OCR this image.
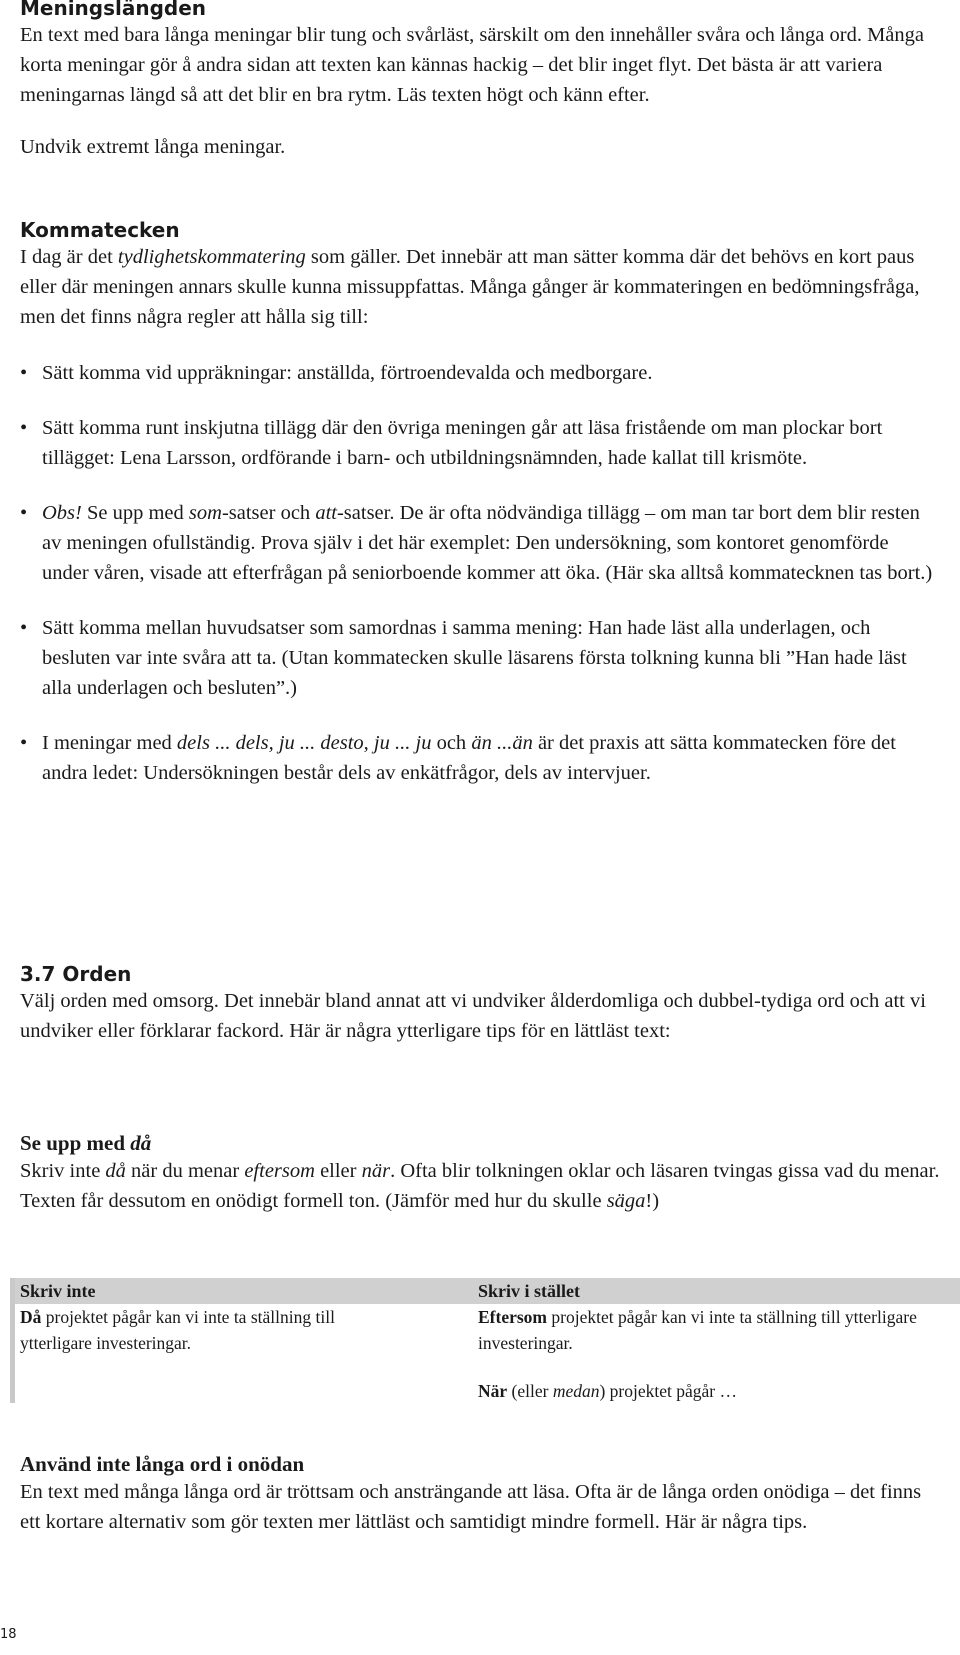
Meningslängden

En text med bara långa meningar blir tung och svårläst, särskilt om den innehåller svåra och långa ord. Många korta meningar gör å andra sidan att texten kan kännas hackig – det blir inget flyt. Det bästa är att variera meningarnas längd så att det blir en bra rytm. Läs texten högt och känn efter.

Undvik extremt långa meningar.

Kommatecken

I dag är det tydlighetskommatering som gäller. Det innebär att man sätter komma där det behövs en kort paus eller där meningen annars skulle kunna missuppfattas. Många gånger är kommateringen en bedömningsfråga, men det finns några regler att hålla sig till:

• Sätt komma vid uppräkningar: anställda, förtroendevalda och medborgare.
• Sätt komma runt inskjutna tillägg där den övriga meningen går att läsa fristående om man plockar bort tillägget: Lena Larsson, ordförande i barn- och utbildningsnämnden, hade kallat till krismöte.
• Obs! Se upp med som-satser och att-satser. De är ofta nödvändiga tillägg – om man tar bort dem blir resten av meningen ofullständig. Prova själv i det här exemplet: Den undersökning, som kontoret genomförde under våren, visade att efterfrågan på seniorboende kommer att öka. (Här ska alltså kommatecknen tas bort.)
• Sätt komma mellan huvudsatser som samordnas i samma mening: Han hade läst alla underlagen, och besluten var inte svåra att ta. (Utan kommatecken skulle läsarens första tolkning kunna bli ”Han hade läst alla underlagen och besluten”.)
• I meningar med dels ... dels, ju ... desto, ju ... ju och än ...än är det praxis att sätta kommatecken före det andra ledet: Undersökningen består dels av enkätfrågor, dels av intervjuer.
3.7 Orden

Välj orden med omsorg. Det innebär bland annat att vi undviker ålderdomliga och dubbel-tydiga ord och att vi undviker eller förklarar fackord. Här är några ytterligare tips för en lättläst text:

Se upp med då

Skriv inte då när du menar eftersom eller när. Ofta blir tolkningen oklar och läsaren tvingas gissa vad du menar. Texten får dessutom en onödigt formell ton. (Jämför med hur du skulle säga!)

Skriv inte	Skriv i stället
Då projektet pågår kan vi inte ta ställning till ytterligare investeringar.
Eftersom projektet pågår kan vi inte ta ställning till ytterligare investeringar.
När (eller medan) projektet pågår …
Använd inte långa ord i onödan

En text med många långa ord är tröttsam och ansträngande att läsa. Ofta är de långa orden onödiga – det finns ett kortare alternativ som gör texten mer lättläst och samtidigt mindre formell. Här är några tips.

18
